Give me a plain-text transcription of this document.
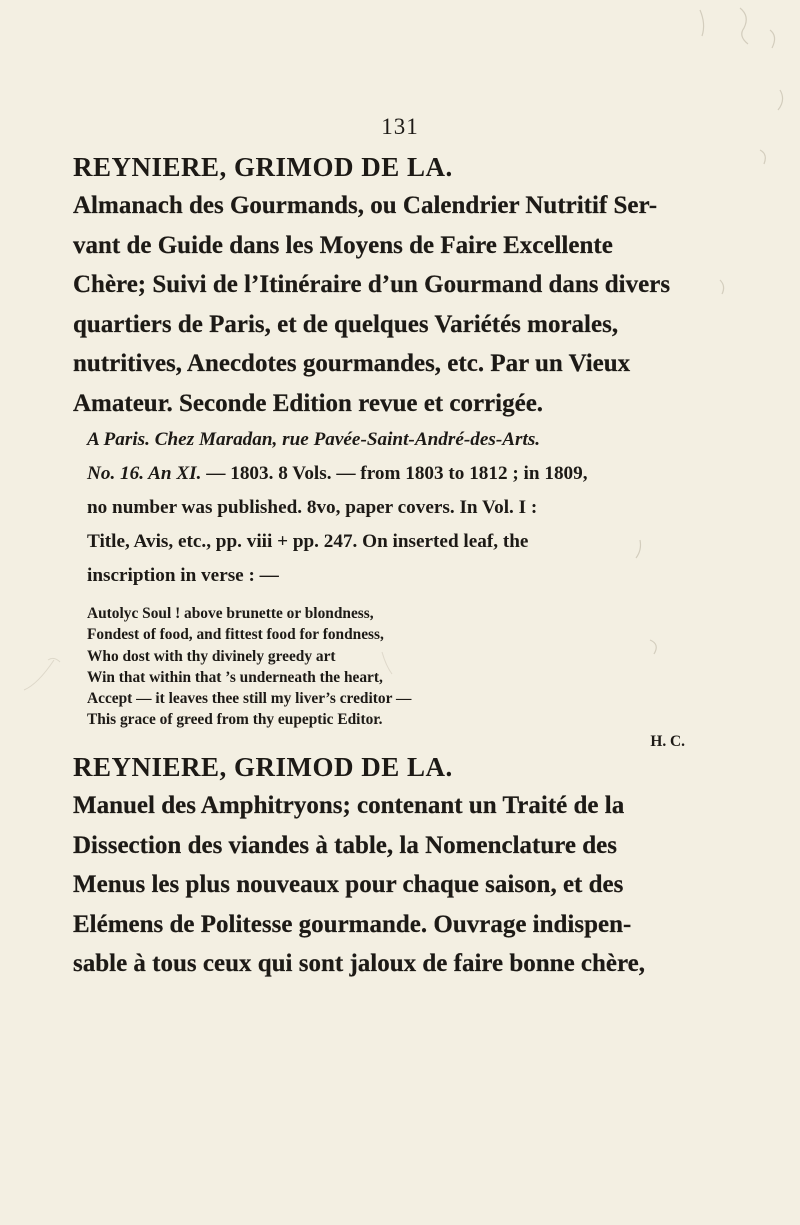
131
REYNIERE, GRIMOD DE LA.

Almanach des Gourmands, ou Calendrier Nutritif Ser-
vant de Guide dans les Moyens de Faire Excellente
Chère; Suivi de l’Itinéraire d’un Gourmand dans divers
quartiers de Paris, et de quelques Variétés morales,
nutritives, Anecdotes gourmandes, etc. Par un Vieux
Amateur. Seconde Edition revue et corrigée.

A Paris. Chez Maradan, rue Pavée-Saint-André-des-Arts.
No. 16. An XI. — 1803. 8 Vols. — from 1803 to 1812 ; in 1809,
no number was published. 8vo, paper covers. In Vol. I :
Title, Avis, etc., pp. viii + pp. 247. On inserted leaf, the
inscription in verse : —

Autolyc Soul ! above brunette or blondness,
Fondest of food, and fittest food for fondness,
Who dost with thy divinely greedy art
Win that within that ’s underneath the heart,
Accept — it leaves thee still my liver’s creditor —
This grace of greed from thy eupeptic Editor.
H. C.
REYNIERE, GRIMOD DE LA.

Manuel des Amphitryons; contenant un Traité de la
Dissection des viandes à table, la Nomenclature des
Menus les plus nouveaux pour chaque saison, et des
Elémens de Politesse gourmande. Ouvrage indispen-
sable à tous ceux qui sont jaloux de faire bonne chère,
